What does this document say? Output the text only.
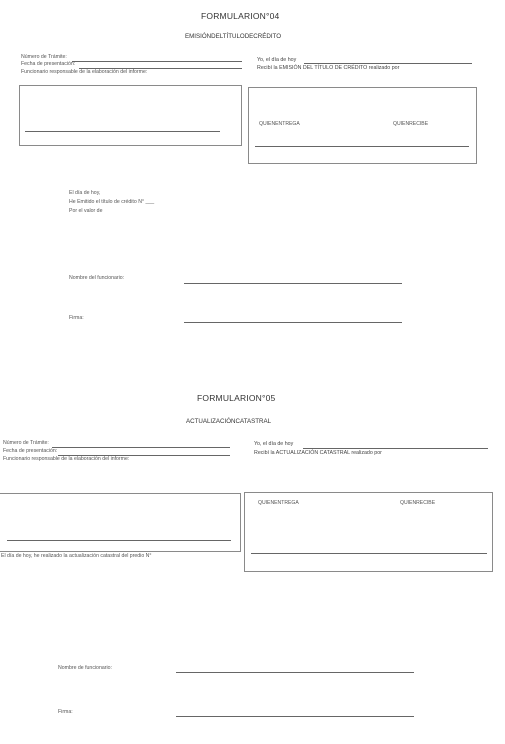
FORMULARION°04
EMISIÓNDELTÍTULODECRÉDITO
Número de Trámite:
Fecha de presentación:
Funcionario responsable de la elaboración del informe:
Yo, el día de hoy
Recibí la EMISIÓN DEL TÍTULO DE CRÉDITO realizado por
QUIENENTREGA	QUIENRECIBE
El día de hoy,
He Emitido el título de crédito N° ___
Por el valor de
Nombre del funcionario:
Firma:
FORMULARION°05
ACTUALIZACIÓNCATASTRAL
Número de Trámite:
Fecha de presentación:
Funcionario responsable de la elaboración del informe:
Yo, el día de hoy
Recibí la ACTUALIZACIÓN CATASTRAL realizado por
QUIENENTREGA	QUIENRECIBE
El día de hoy, he realizado la actualización catastral del predio N°
Nombre de funcionario:
Firma:
